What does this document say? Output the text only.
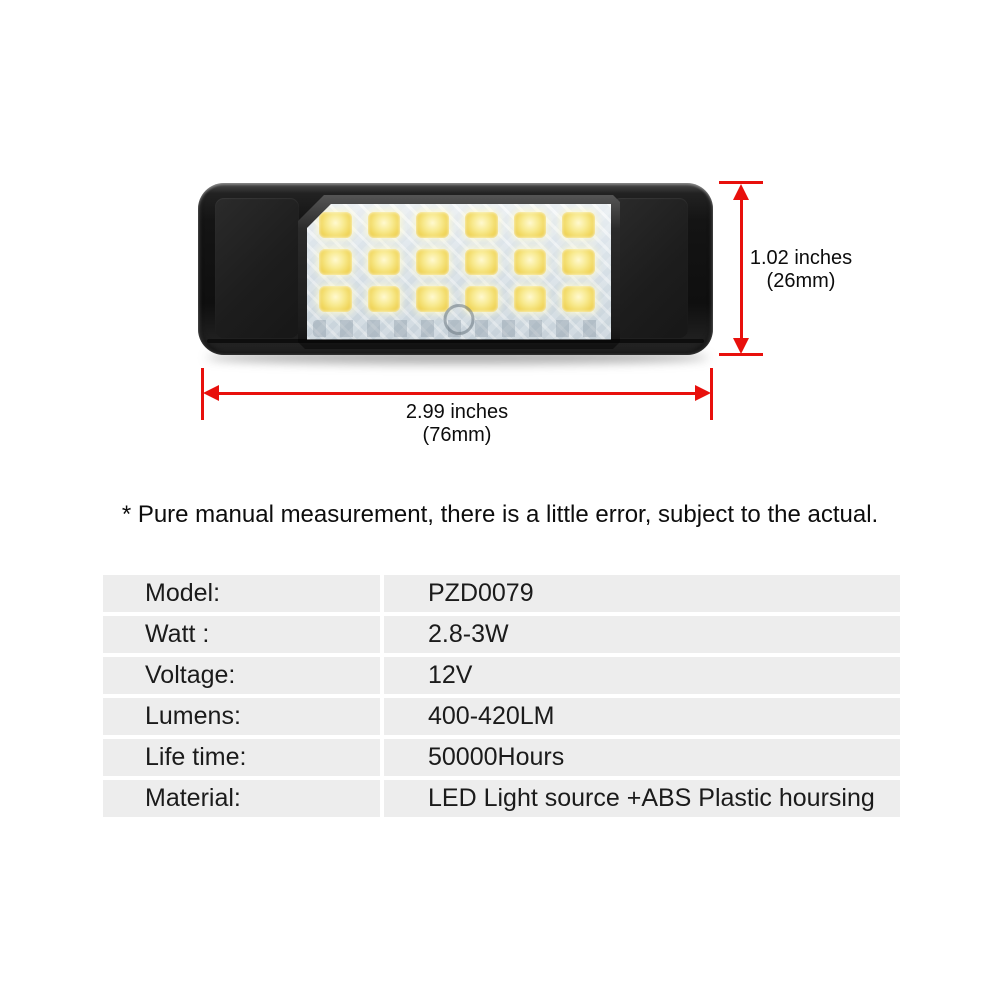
1.02 inches
(26mm)
2.99 inches
(76mm)

* Pure manual measurement, there is a little error, subject to the actual.

Model:	PZD0079
Watt :	2.8-3W
Voltage:	12V
Lumens:	400-420LM
Life time:	50000Hours
Material:	LED Light source +ABS Plastic hoursing
